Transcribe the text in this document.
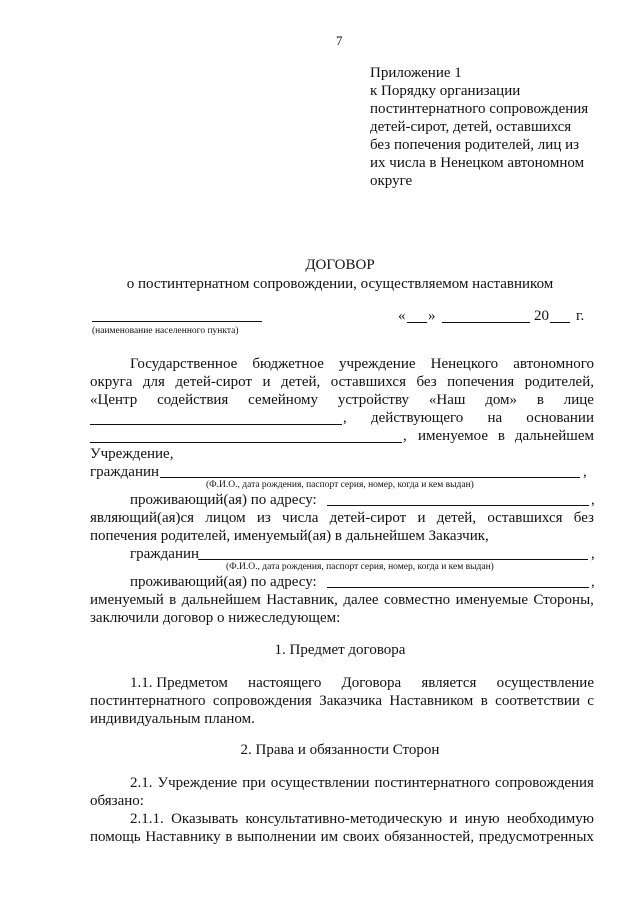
7
Приложение 1
к Порядку организации
постинтернатного сопровождения
детей-сирот, детей, оставшихся
без попечения родителей, лиц из
их числа в Ненецком автономном
округе
ДОГОВОР
о постинтернатном сопровождении, осуществляемом наставником
(наименование населенного пункта)
« »	20 г.
Государственное бюджетное учреждение Ненецкого автономного
округа для детей-сирот и детей, оставшихся без попечения родителей,
«Центр содействия семейному устройству «Наш дом» в лице
, действующего на основании
, именуемое в дальнейшем
Учреждение,
гражданин	,
(Ф.И.О., дата рождения, паспорт серия, номер, когда и кем выдан)
проживающий(ая) по адресу:	,
являющий(ая)ся лицом из числа детей-сирот и детей, оставшихся без
попечения родителей, именуемый(ая) в дальнейшем Заказчик,
гражданин	,
(Ф.И.О., дата рождения, паспорт серия, номер, когда и кем выдан)
проживающий(ая) по адресу:	,
именуемый в дальнейшем Наставник, далее совместно именуемые Стороны,
заключили договор о нижеследующем:
1. Предмет договора
1.1. Предметом настоящего Договора является осуществление
постинтернатного сопровождения Заказчика Наставником в соответствии с
индивидуальным планом.
2. Права и обязанности Сторон
2.1. Учреждение при осуществлении постинтернатного сопровождения
обязано:
2.1.1. Оказывать консультативно-методическую и иную необходимую
помощь Наставнику в выполнении им своих обязанностей, предусмотренных
